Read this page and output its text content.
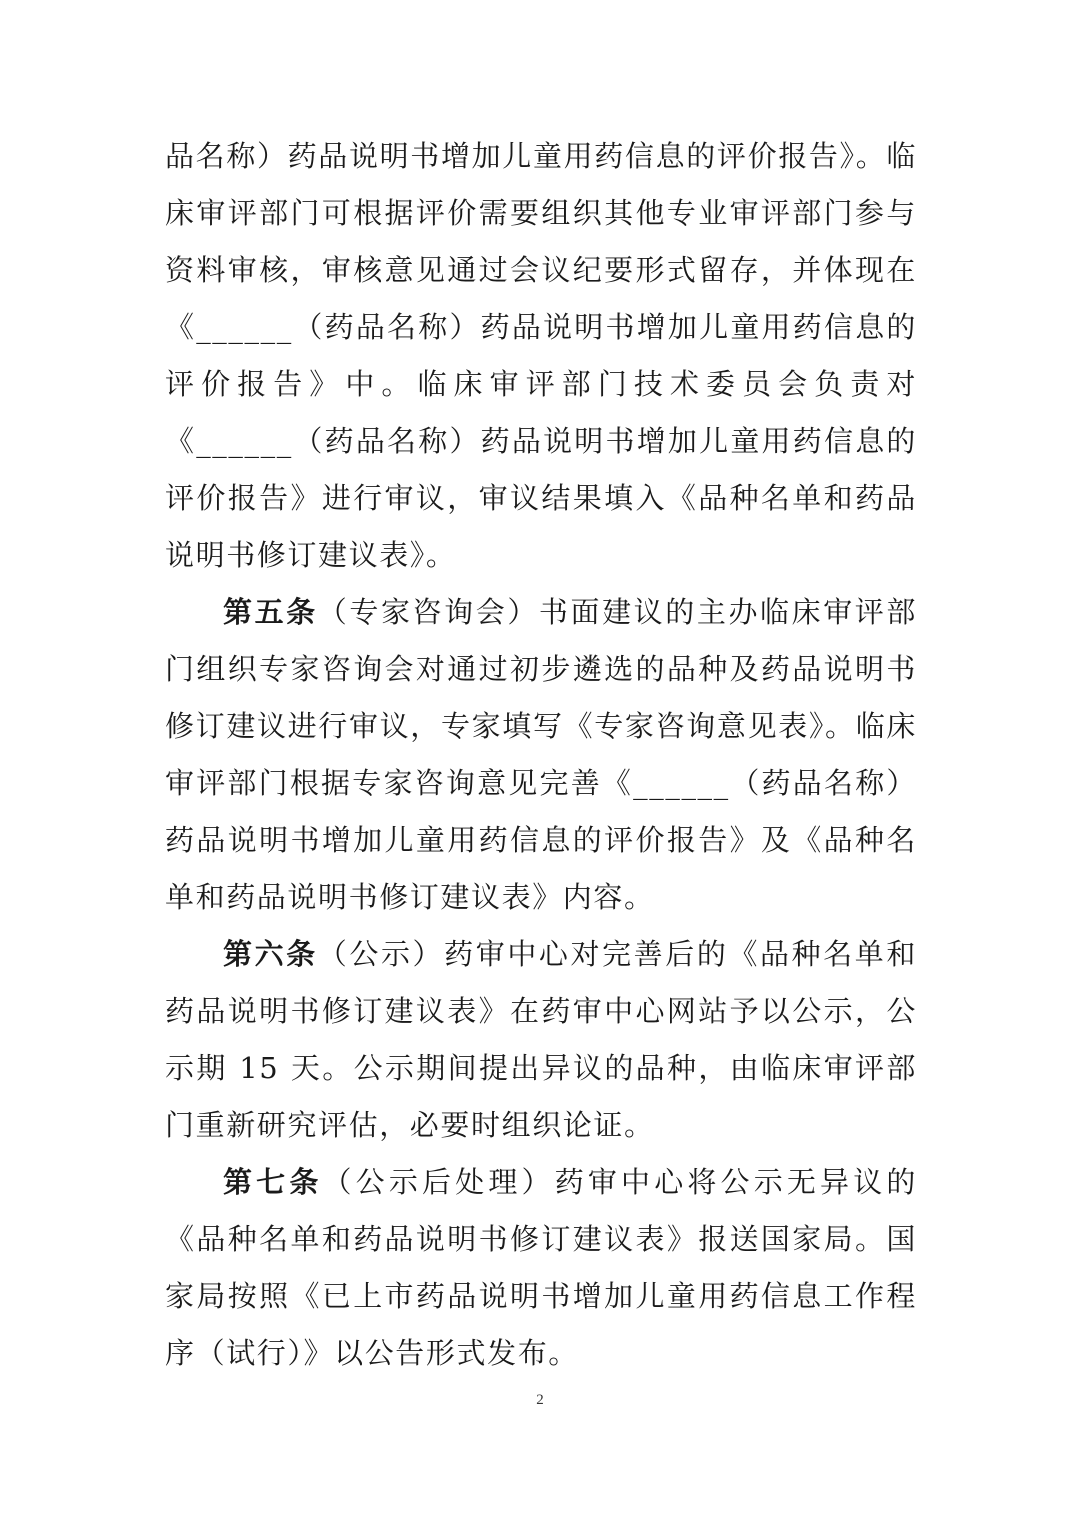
品名称）药品说明书增加儿童用药信息的评价报告》。临床审评部门可根据评价需要组织其他专业审评部门参与资料审核，审核意见通过会议纪要形式留存，并体现在《______（药品名称）药品说明书增加儿童用药信息的评价报告》中。临床审评部门技术委员会负责对《______（药品名称）药品说明书增加儿童用药信息的评价报告》进行审议，审议结果填入《品种名单和药品说明书修订建议表》。

第五条（专家咨询会）书面建议的主办临床审评部门组织专家咨询会对通过初步遴选的品种及药品说明书修订建议进行审议，专家填写《专家咨询意见表》。临床审评部门根据专家咨询意见完善《______（药品名称）药品说明书增加儿童用药信息的评价报告》及《品种名单和药品说明书修订建议表》内容。

第六条（公示）药审中心对完善后的《品种名单和药品说明书修订建议表》在药审中心网站予以公示，公示期 15 天。公示期间提出异议的品种，由临床审评部门重新研究评估，必要时组织论证。

第七条（公示后处理）药审中心将公示无异议的《品种名单和药品说明书修订建议表》报送国家局。国家局按照《已上市药品说明书增加儿童用药信息工作程序（试行）》以公告形式发布。

2
